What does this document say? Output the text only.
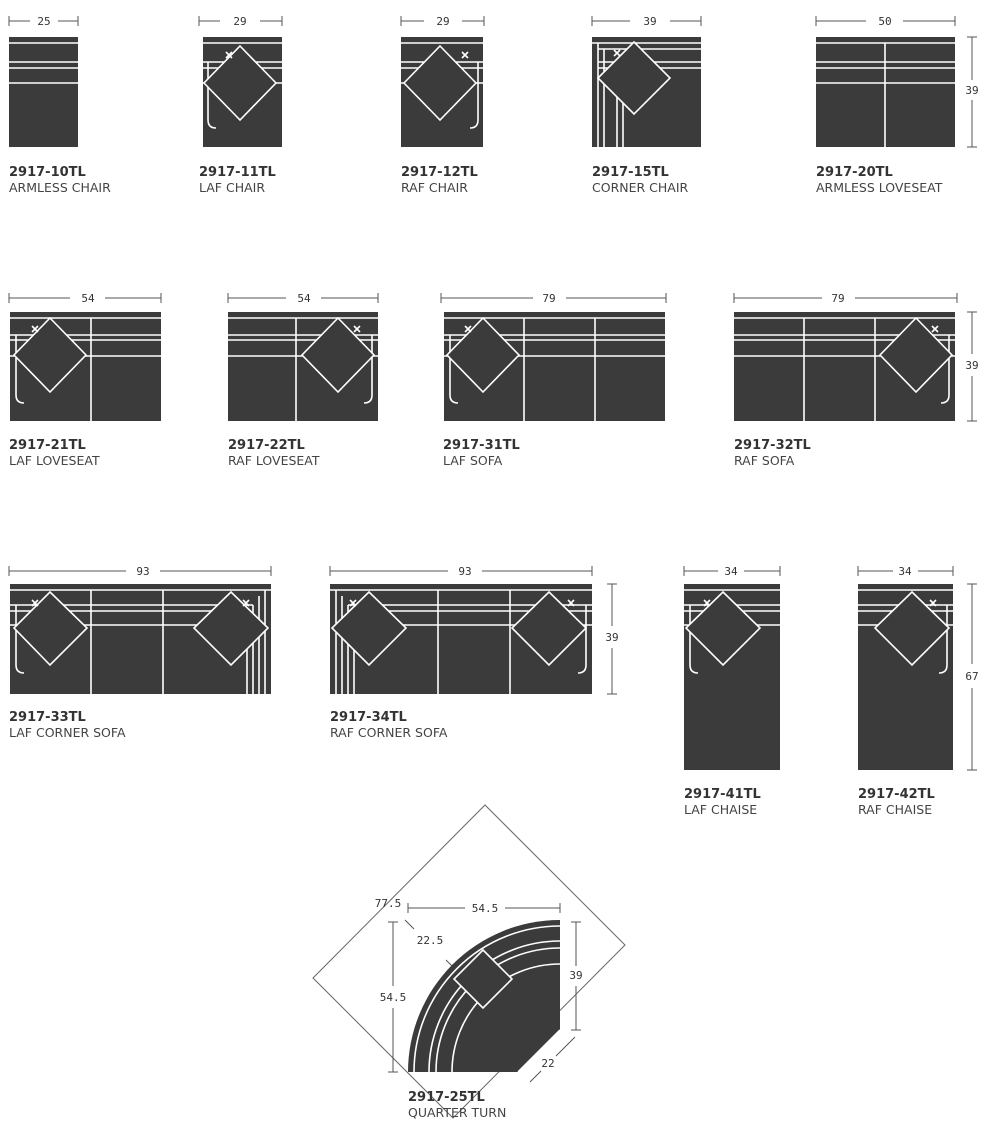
25
2917-10TL
ARMLESS CHAIR
29
2917-11TL
LAF CHAIR
29
2917-12TL
RAF CHAIR
39
2917-15TL
CORNER CHAIR
50
39
2917-20TL
ARMLESS LOVESEAT
54
2917-21TL
LAF LOVESEAT
54
2917-22TL
RAF LOVESEAT
79
2917-31TL
LAF SOFA
79
39
2917-32TL
RAF SOFA
93
2917-33TL
LAF CORNER SOFA
93
39
2917-34TL
RAF CORNER SOFA
34
2917-41TL
LAF CHAISE
34
67
2917-42TL
RAF CHAISE
77.5	54.5
54.5
22.5
39
22
2917-25TL
QUARTER TURN
